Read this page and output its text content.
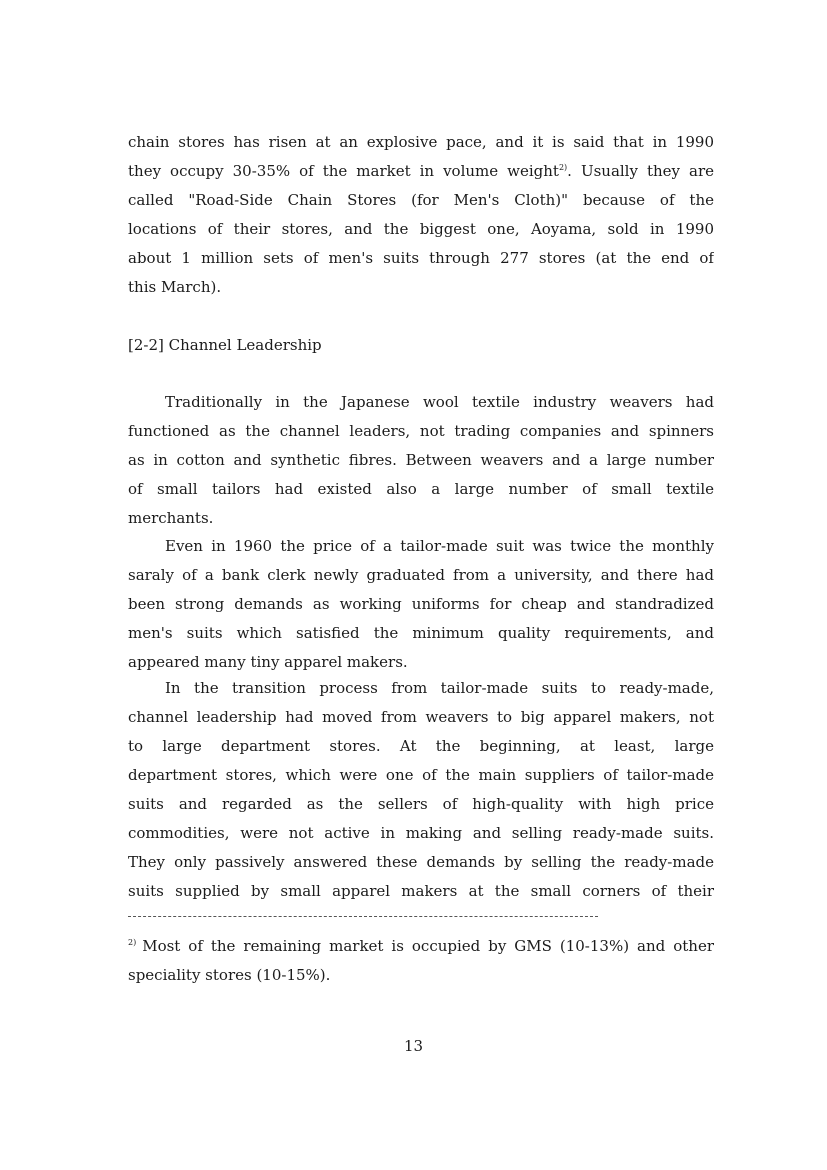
chain stores has risen at an explosive pace, and it is said that in 1990
they occupy 30-35% of the market in volume weight$^{2)}$. Usually they are
called "Road-Side Chain Stores (for Men's Cloth)" because of the
locations of their stores, and the biggest one, Aoyama, sold in 1990
about 1 million sets of men's suits through 277 stores (at the end of
this March).
[2-2] Channel Leadership
Traditionally in the Japanese wool textile industry weavers had
functioned as the channel leaders, not trading companies and spinners
as in cotton and synthetic fibres. Between weavers and a large number
of small tailors had existed also a large number of small textile
merchants.
Even in 1960 the price of a tailor-made suit was twice the monthly
saraly of a bank clerk newly graduated from a university, and there had
been strong demands as working uniforms for cheap and standradized
men's suits which satisfied the minimum quality requirements, and
appeared many tiny apparel makers.
In the transition process from tailor-made suits to ready-made,
channel leadership had moved from weavers to big apparel makers, not
to large department stores. At the beginning, at least, large
department stores, which were one of the main suppliers of tailor-made
suits and regarded as the sellers of high-quality with high price
commodities, were not active in making and selling ready-made suits.
They only passively answered these demands by selling the ready-made
suits supplied by small apparel makers at the small corners of their
$^{2)}$ Most of the remaining market is occupied by GMS (10-13%) and other
speciality stores (10-15%).
13
